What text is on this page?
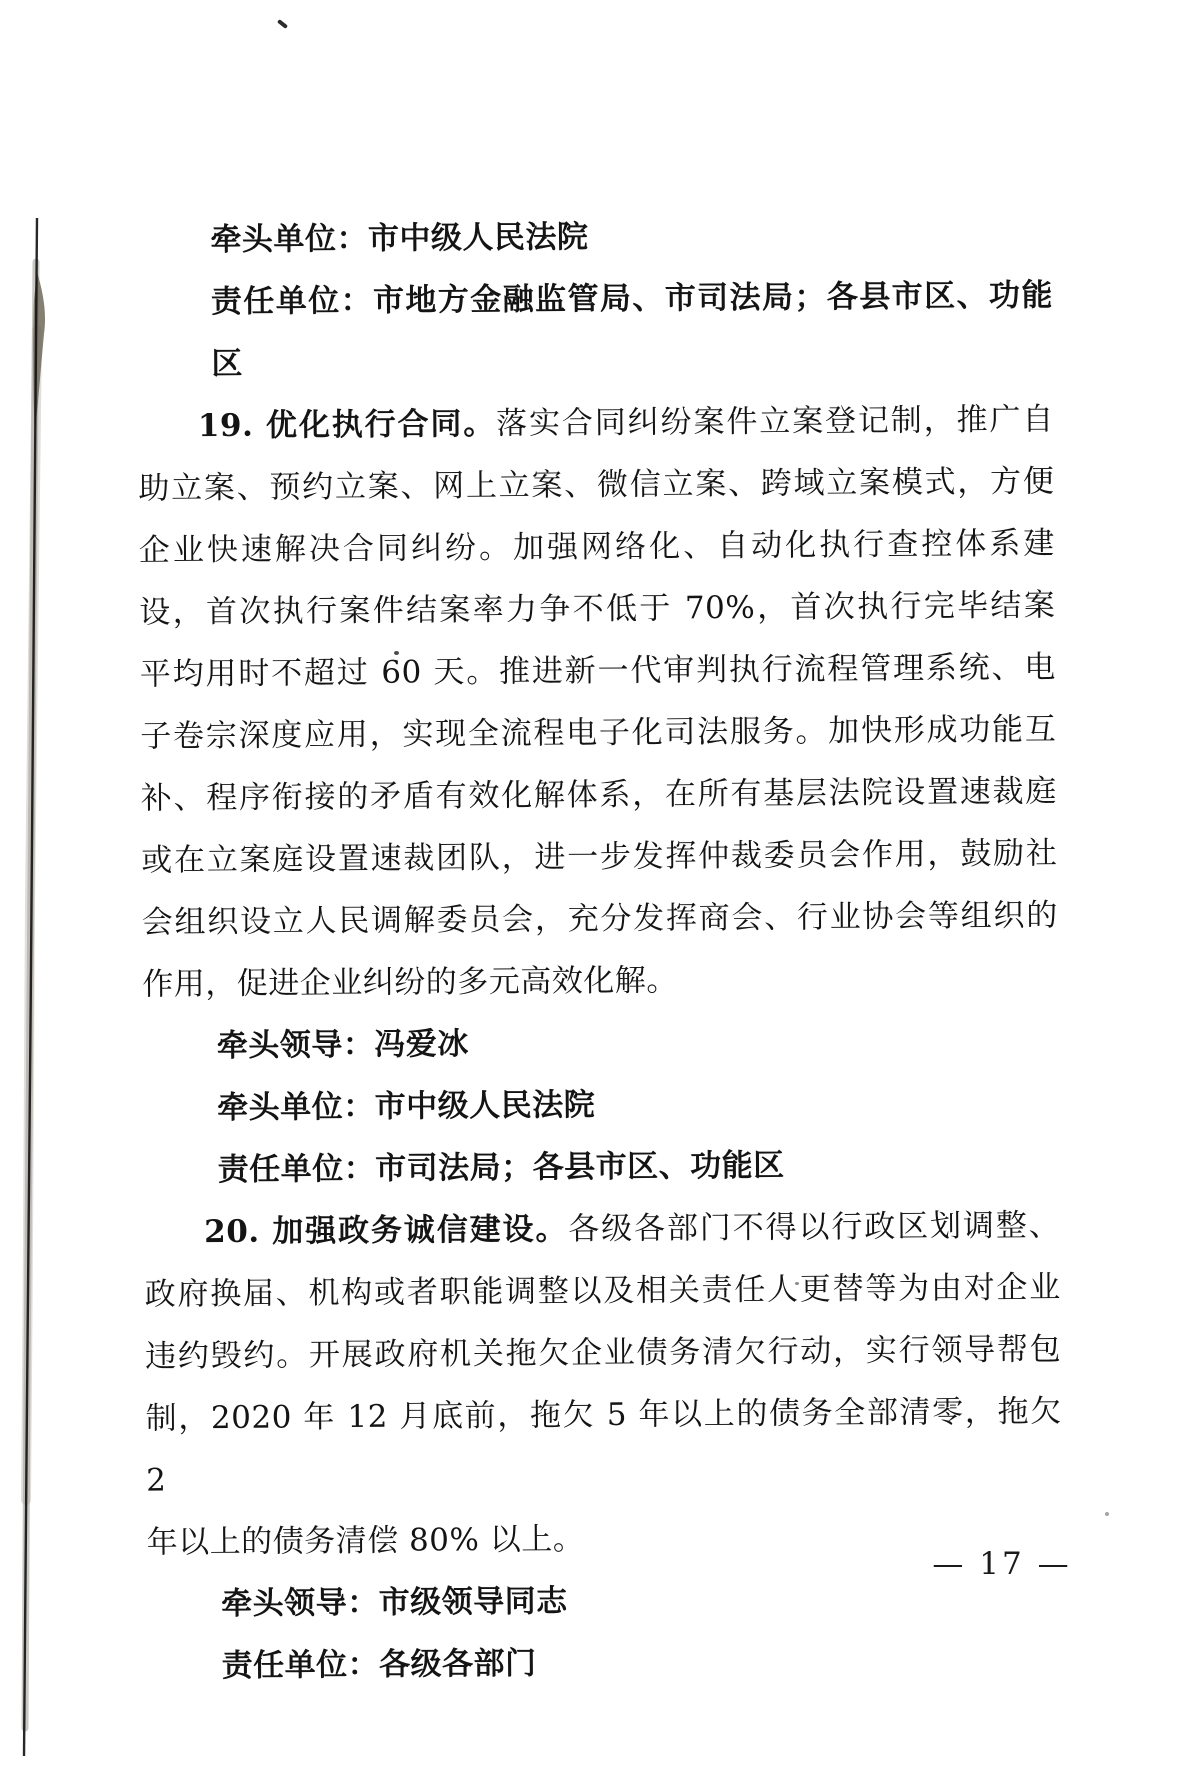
牵头单位：市中级人民法院
责任单位：市地方金融监管局、市司法局；各县市区、功能区
19. 优化执行合同。落实合同纠纷案件立案登记制，推广自
助立案、预约立案、网上立案、微信立案、跨域立案模式，方便
企业快速解决合同纠纷。加强网络化、自动化执行查控体系建
设，首次执行案件结案率力争不低于 70%，首次执行完毕结案
平均用时不超过 60 天。推进新一代审判执行流程管理系统、电
子卷宗深度应用，实现全流程电子化司法服务。加快形成功能互
补、程序衔接的矛盾有效化解体系，在所有基层法院设置速裁庭
或在立案庭设置速裁团队，进一步发挥仲裁委员会作用，鼓励社
会组织设立人民调解委员会，充分发挥商会、行业协会等组织的
作用，促进企业纠纷的多元高效化解。
牵头领导：冯爱冰
牵头单位：市中级人民法院
责任单位：市司法局；各县市区、功能区
20. 加强政务诚信建设。各级各部门不得以行政区划调整、
政府换届、机构或者职能调整以及相关责任人更替等为由对企业
违约毁约。开展政府机关拖欠企业债务清欠行动，实行领导帮包
制，2020 年 12 月底前，拖欠 5 年以上的债务全部清零，拖欠 2
年以上的债务清偿 80% 以上。
牵头领导：市级领导同志
责任单位：各级各部门
— 17 —
